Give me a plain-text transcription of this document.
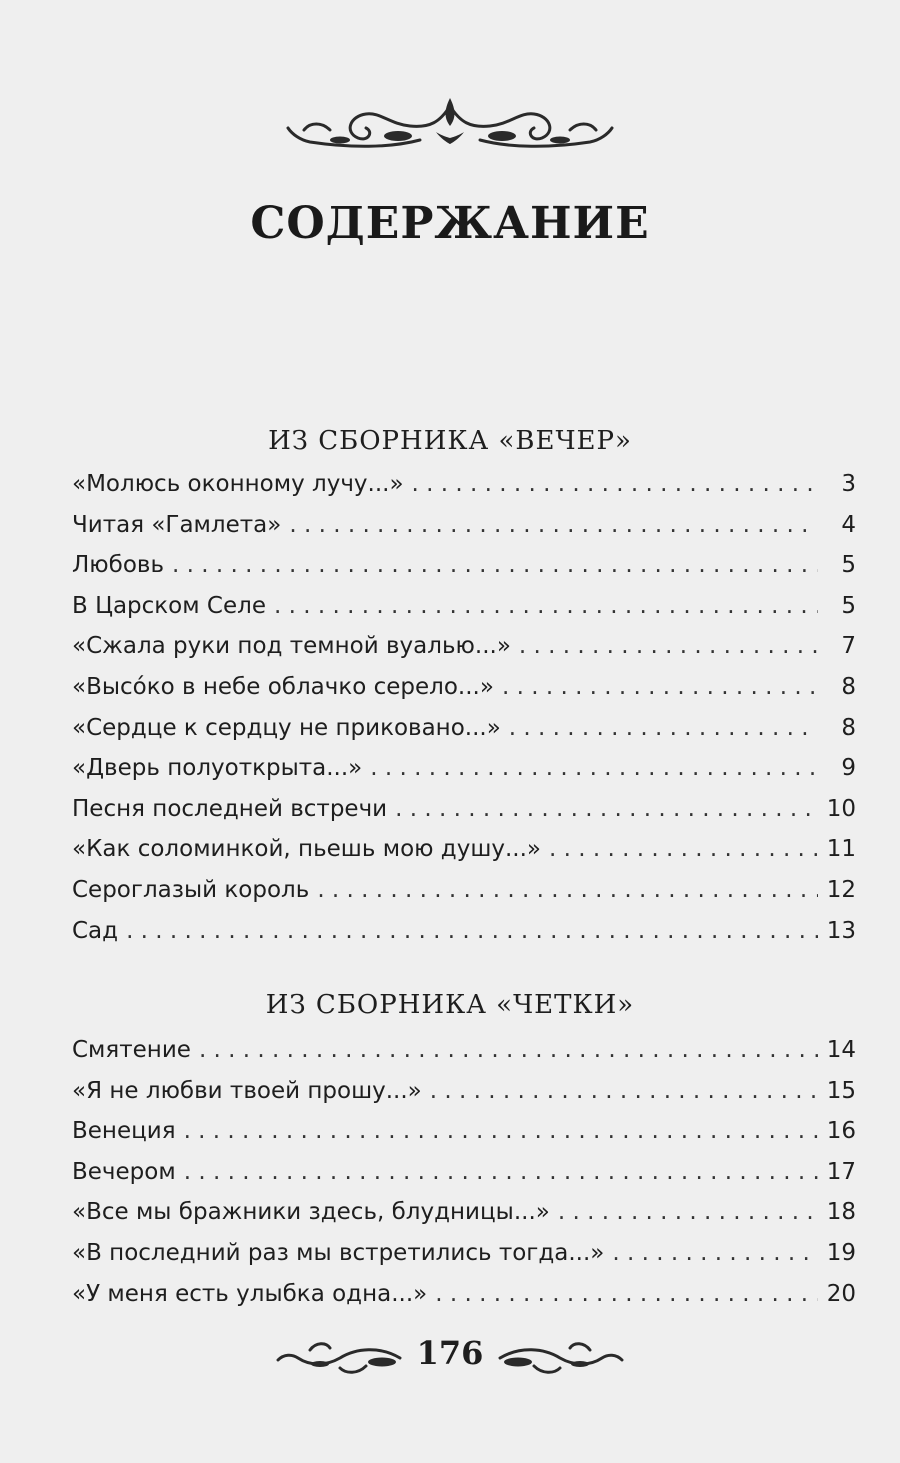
СОДЕРЖАНИЕ
ИЗ СБОРНИКА «ВЕЧЕР»
«Молюсь оконному лучу...» . . .	3
Читая «Гамлета» . . .	4
Любовь . . .	5
В Царском Селе . . .	5
«Сжала руки под темной вуалью...» . . .	7
«Высóко в небе облачко серело...» . . .	8
«Сердце к сердцу не приковано...» . . .	8
«Дверь полуоткрыта...» . . .	9
Песня последней встречи . . .	10
«Как соломинкой, пьешь мою душу...» . . .	11
Сероглазый король . . .	12
Сад . . .	13
ИЗ СБОРНИКА «ЧЕТКИ»
Смятение . . .	14
«Я не любви твоей прошу...» . . .	15
Венеция . . .	16
Вечером . . .	17
«Все мы бражники здесь, блудницы...» . . .	18
«В последний раз мы встретились тогда...» . . .	19
«У меня есть улыбка одна...» . . .	20
176
